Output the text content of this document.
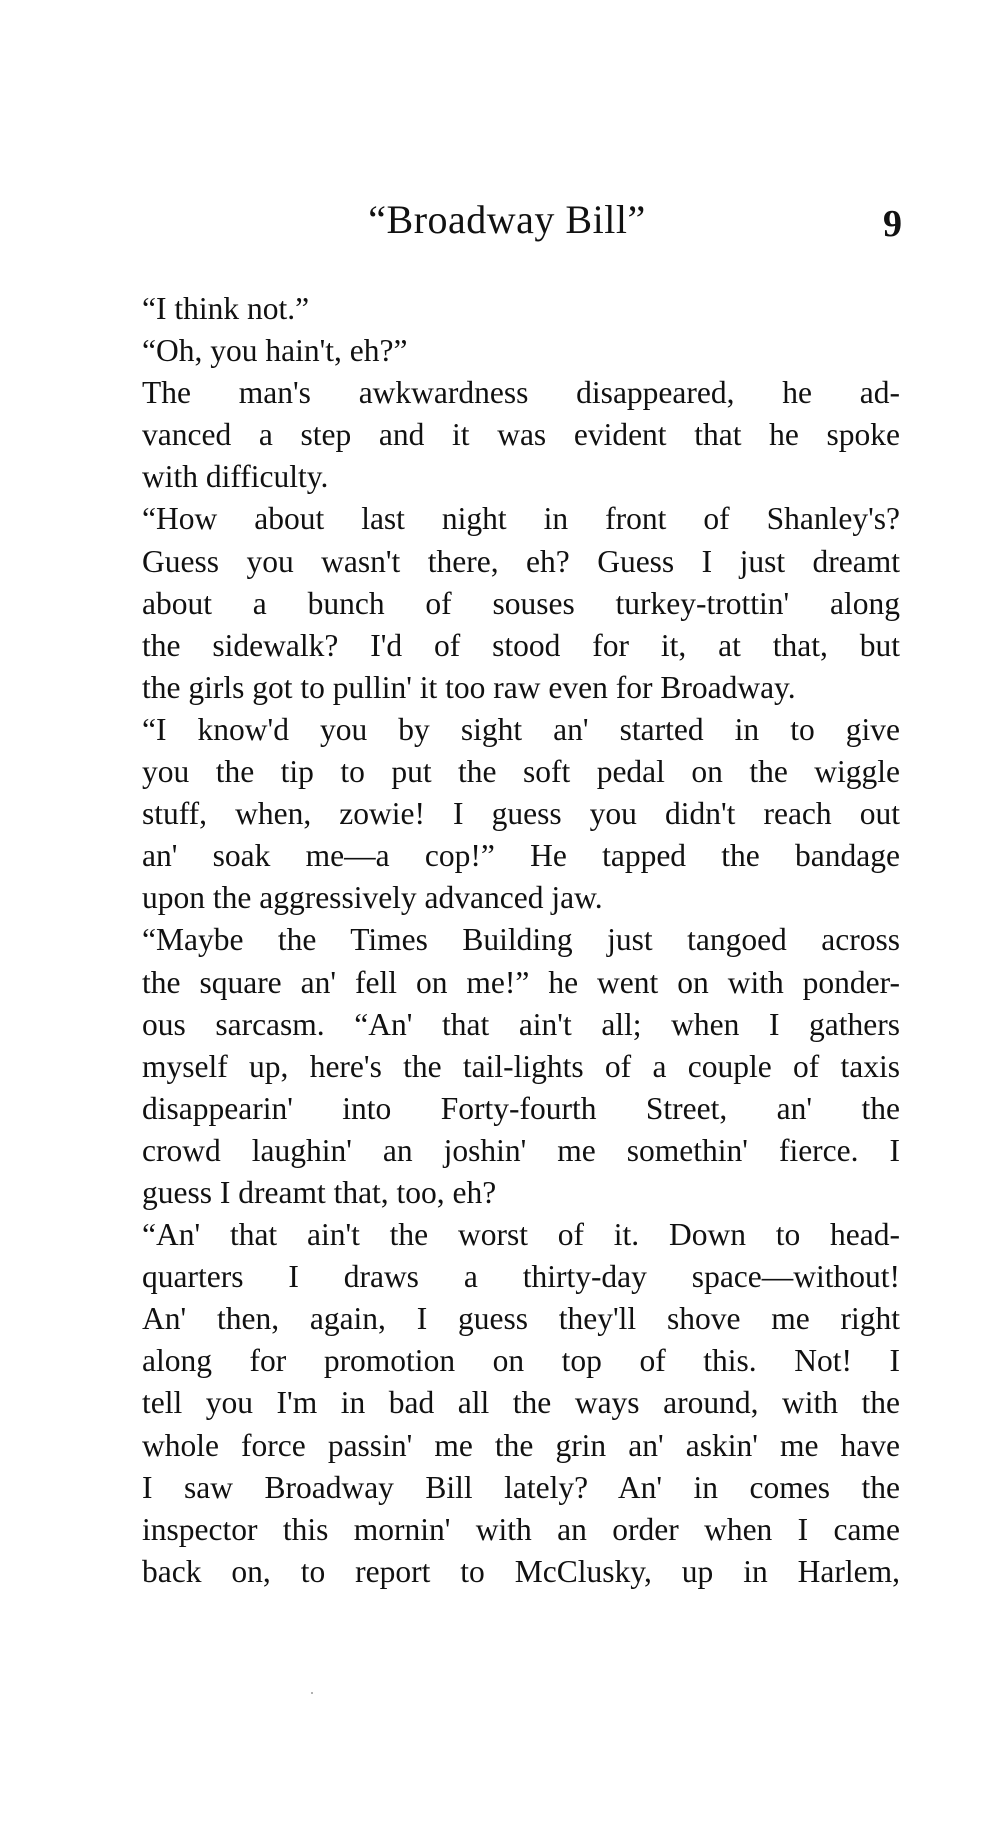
“Broadway Bill”	9

“I think not.”

“Oh, you hain't, eh?”

The man's awkwardness disappeared, he ad-
vanced a step and it was evident that he spoke
with difficulty.

“How about last night in front of Shanley's?
Guess you wasn't there, eh? Guess I just dreamt
about a bunch of souses turkey-trottin' along
the sidewalk? I'd of stood for it, at that, but
the girls got to pullin' it too raw even for Broadway.

“I know'd you by sight an' started in to give
you the tip to put the soft pedal on the wiggle
stuff, when, zowie! I guess you didn't reach out
an' soak me—a cop!” He tapped the bandage
upon the aggressively advanced jaw.

“Maybe the Times Building just tangoed across
the square an' fell on me!” he went on with ponder-
ous sarcasm. “An' that ain't all; when I gathers
myself up, here's the tail-lights of a couple of taxis
disappearin' into Forty-fourth Street, an' the
crowd laughin' an joshin' me somethin' fierce. I
guess I dreamt that, too, eh?

“An' that ain't the worst of it. Down to head-
quarters I draws a thirty-day space—without!
An' then, again, I guess they'll shove me right
along for promotion on top of this. Not! I
tell you I'm in bad all the ways around, with the
whole force passin' me the grin an' askin' me have
I saw Broadway Bill lately? An' in comes the
inspector this mornin' with an order when I came
back on, to report to McClusky, up in Harlem,
